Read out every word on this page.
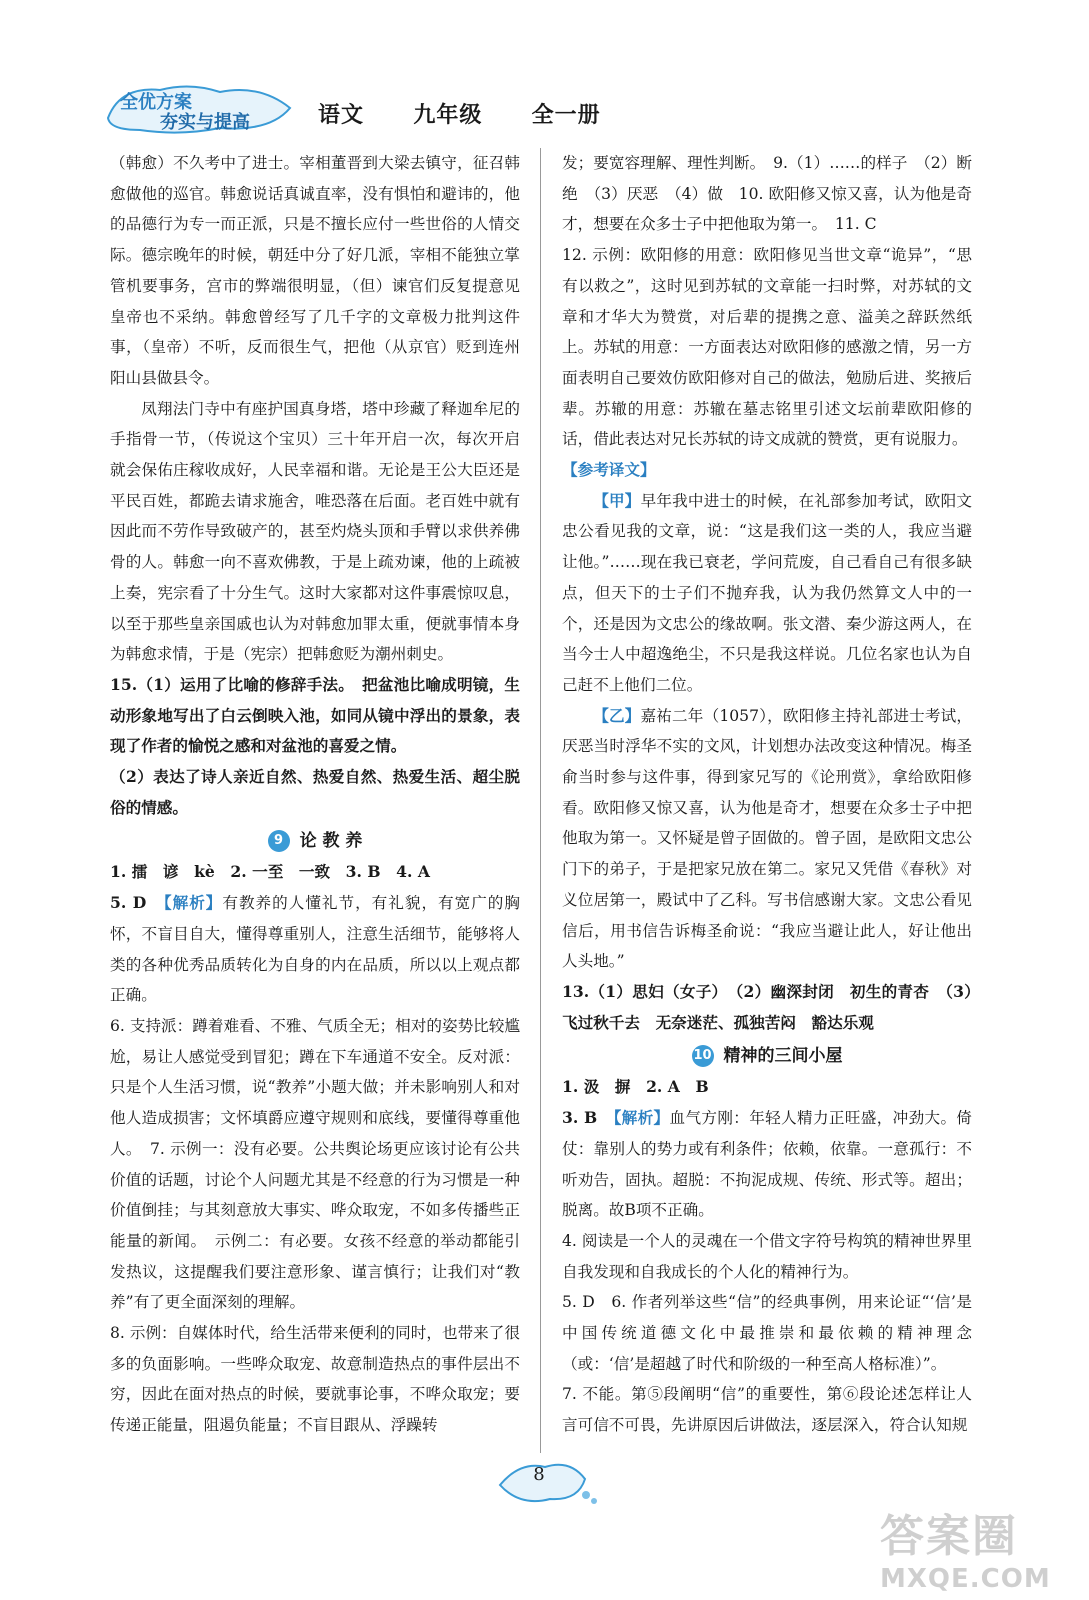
全优方案
夯实与提高	语文  九年级  全一册

（韩愈）不久考中了进士。宰相董晋到大梁去镇守，征召韩愈做他的巡官。韩愈说话真诚直率，没有惧怕和避讳的，他的品德行为专一而正派，只是不擅长应付一些世俗的人情交际。德宗晚年的时候，朝廷中分了好几派，宰相不能独立掌管机要事务，宫市的弊端很明显，（但）谏官们反复提意见皇帝也不采纳。韩愈曾经写了几千字的文章极力批判这件事，（皇帝）不听，反而很生气，把他（从京官）贬到连州阳山县做县令。

凤翔法门寺中有座护国真身塔，塔中珍藏了释迦牟尼的手指骨一节，（传说这个宝贝）三十年开启一次，每次开启就会保佑庄稼收成好，人民幸福和谐。无论是王公大臣还是平民百姓，都跪去请求施舍，唯恐落在后面。老百姓中就有因此而不劳作导致破产的，甚至灼烧头顶和手臂以求供养佛骨的人。韩愈一向不喜欢佛教，于是上疏劝谏，他的上疏被上奏，宪宗看了十分生气。这时大家都对这件事震惊叹息，以至于那些皇亲国戚也认为对韩愈加罪太重，便就事情本身为韩愈求情，于是（宪宗）把韩愈贬为潮州刺史。

15.（1）运用了比喻的修辞手法。　把盆池比喻成明镜，生动形象地写出了白云倒映入池，如同从镜中浮出的景象，表现了作者的愉悦之感和对盆池的喜爱之情。

（2）表达了诗人亲近自然、热爱自然、热爱生活、超尘脱俗的情感。

9 论 教 养

1. 擂　谚　kè　2. 一至　一致　3. B　4. A

5. D　【解析】有教养的人懂礼节，有礼貌，有宽广的胸怀，不盲目自大，懂得尊重别人，注意生活细节，能够将人类的各种优秀品质转化为自身的内在品质，所以以上观点都正确。

6. 支持派：蹲着难看、不雅、气质全无；相对的姿势比较尴尬，易让人感觉受到冒犯；蹲在下车通道不安全。反对派：只是个人生活习惯，说“教养”小题大做；并未影响别人和对他人造成损害；文怀填爵应遵守规则和底线，要懂得尊重他人。　7. 示例一：没有必要。公共舆论场更应该讨论有公共价值的话题，讨论个人问题尤其是不经意的行为习惯是一种价值倒挂；与其刻意放大事实、哗众取宠，不如多传播些正能量的新闻。　示例二：有必要。女孩不经意的举动都能引发热议，这提醒我们要注意形象、谨言慎行；让我们对“教养”有了更全面深刻的理解。

8. 示例：自媒体时代，给生活带来便利的同时，也带来了很多的负面影响。一些哗众取宠、故意制造热点的事件层出不穷，因此在面对热点的时候，要就事论事，不哗众取宠；要传递正能量，阻遏负能量；不盲目跟从、浮躁转

发；要宽容理解、理性判断。　9.（1）……的样子　（2）断绝　（3）厌恶　（4）做　10. 欧阳修又惊又喜，认为他是奇才，想要在众多士子中把他取为第一。　11. C

12. 示例：欧阳修的用意：欧阳修见当世文章“诡异”，“思有以救之”，这时见到苏轼的文章能一扫时弊，对苏轼的文章和才华大为赞赏，对后辈的提携之意、溢美之辞跃然纸上。苏轼的用意：一方面表达对欧阳修的感激之情，另一方面表明自己要效仿欧阳修对自己的做法，勉励后进、奖掖后辈。苏辙的用意：苏辙在墓志铭里引述文坛前辈欧阳修的话，借此表达对兄长苏轼的诗文成就的赞赏，更有说服力。

【参考译文】

【甲】早年我中进士的时候，在礼部参加考试，欧阳文忠公看见我的文章，说：“这是我们这一类的人，我应当避让他。”……现在我已衰老，学问荒废，自己看自己有很多缺点，但天下的士子们不抛弃我，认为我仍然算文人中的一个，还是因为文忠公的缘故啊。张文潜、秦少游这两人，在当今士人中超逸绝尘，不只是我这样说。几位名家也认为自己赶不上他们二位。

【乙】嘉祐二年（1057），欧阳修主持礼部进士考试，厌恶当时浮华不实的文风，计划想办法改变这种情况。梅圣俞当时参与这件事，得到家兄写的《论刑赏》，拿给欧阳修看。欧阳修又惊又喜，认为他是奇才，想要在众多士子中把他取为第一。又怀疑是曾子固做的。曾子固，是欧阳文忠公门下的弟子，于是把家兄放在第二。家兄又凭借《春秋》对义位居第一，殿试中了乙科。写书信感谢大家。文忠公看见信后，用书信告诉梅圣俞说：“我应当避让此人，好让他出人头地。”

13.（1）思妇（女子）　（2）幽深封闭　初生的青杏　（3）飞过秋千去　无奈迷茫、孤独苦闷　豁达乐观

10 精神的三间小屋

1. 汲　摒　2. A　B

3. B　【解析】血气方刚：年轻人精力正旺盛，冲劲大。倚仗：靠别人的势力或有利条件；依赖，依靠。一意孤行：不听劝告，固执。超脱：不拘泥成规、传统、形式等。超出；脱离。故B项不正确。

4. 阅读是一个人的灵魂在一个借文字符号构筑的精神世界里自我发现和自我成长的个人化的精神行为。

5. D　6. 作者列举这些“信”的经典事例，用来论证“‘信’是中国传统道德文化中最推崇和最依赖的精神理念（或：‘信’是超越了时代和阶级的一种至高人格标准）”。

7. 不能。第⑤段阐明“信”的重要性，第⑥段论述怎样让人言可信不可畏，先讲原因后讲做法，逐层深入，符合认知规

8
答案圈
MXQE.COM
